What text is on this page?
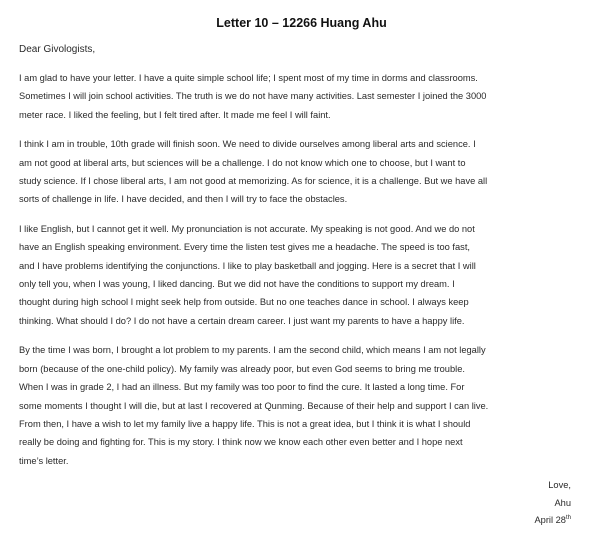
Letter 10 – 12266 Huang Ahu

Dear Givologists,

I am glad to have your letter. I have a quite simple school life; I spent most of my time in dorms and classrooms.
Sometimes I will join school activities. The truth is we do not have many activities. Last semester I joined the 3000
meter race. I liked the feeling, but I felt tired after. It made me feel I will faint.

I think I am in trouble, 10th grade will finish soon. We need to divide ourselves among liberal arts and science. I
am not good at liberal arts, but sciences will be a challenge. I do not know which one to choose, but I want to
study science. If I chose liberal arts, I am not good at memorizing. As for science, it is a challenge. But we have all
sorts of challenge in life. I have decided, and then I will try to face the obstacles.

I like English, but I cannot get it well. My pronunciation is not accurate. My speaking is not good. And we do not
have an English speaking environment. Every time the listen test gives me a headache. The speed is too fast,
and I have problems identifying the conjunctions. I like to play basketball and jogging. Here is a secret that I will
only tell you, when I was young, I liked dancing. But we did not have the conditions to support my dream. I
thought during high school I might seek help from outside. But no one teaches dance in school. I always keep
thinking. What should I do? I do not have a certain dream career. I just want my parents to have a happy life.

By the time I was born, I brought a lot problem to my parents. I am the second child, which means I am not legally
born (because of the one-child policy). My family was already poor, but even God seems to bring me trouble.
When I was in grade 2, I had an illness. But my family was too poor to find the cure. It lasted a long time. For
some moments I thought I will die, but at last I recovered at Qunming. Because of their help and support I can live.
From then, I have a wish to let my family live a happy life. This is not a great idea, but I think it is what I should
really be doing and fighting for. This is my story. I think now we know each other even better and I hope next
time’s letter.

Love,
Ahu
April 28th
